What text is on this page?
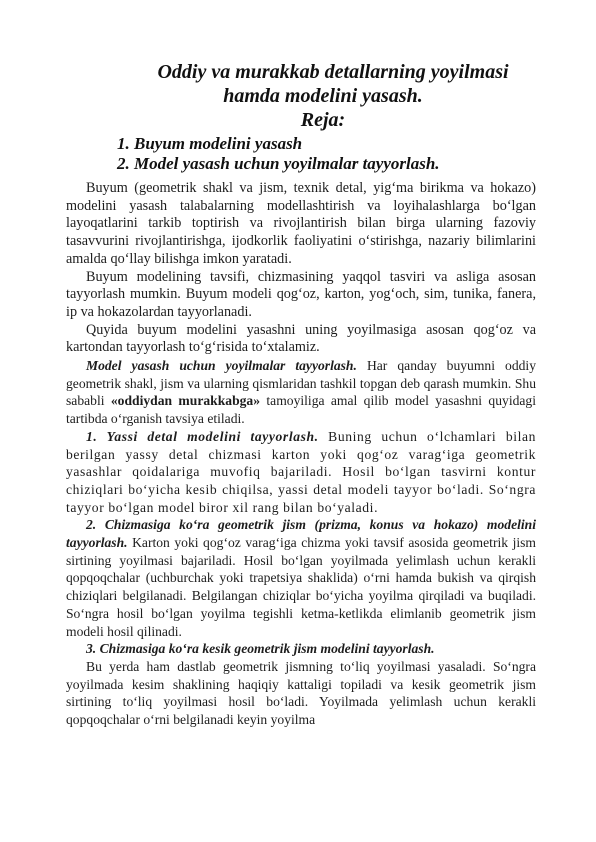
Oddiy va murakkab detallarning yoyilmasi
hamda modelini yasash.
Reja:
1. Buyum modelini yasash
2. Model yasash uchun yoyilmalar tayyorlash.

Buyum (geometrik shakl va jism, texnik detal, yig‘ma birikma va hokazo) modelini yasash talabalarning modellashtirish va loyihalashlarga bo‘lgan layoqatlarini tarkib toptirish va rivojlantirish bilan birga ularning fazoviy tasavvurini rivojlantirishga, ijodkorlik faoliyatini o‘stirishga, nazariy bilimlarini amalda qo‘llay bilishga imkon yaratadi.

Buyum modelining tavsifi, chizmasining yaqqol tasviri va asliga asosan tayyorlash mumkin. Buyum modeli qog‘oz, karton, yog‘och, sim, tunika, fanera, ip va hokazolardan tayyorlanadi.

Quyida buyum modelini yasashni uning yoyilmasiga asosan qog‘oz va kartondan tayyorlash to‘g‘risida to‘xtalamiz.

Model yasash uchun yoyilmalar tayyorlash. Har qanday buyumni oddiy geometrik shakl, jism va ularning qismlaridan tashkil topgan deb qarash mumkin. Shu sababli «oddiydan murakkabga» tamoyiliga amal qilib model yasashni quyidagi tartibda o‘rganish tavsiya etiladi.

1. Yassi detal modelini tayyorlash. Buning uchun o‘lchamlari bilan berilgan yassy detal chizmasi karton yoki qog‘oz varag‘iga geometrik yasashlar qoidalariga muvofiq bajariladi. Hosil bo‘lgan tasvirni kontur chiziqlari bo‘yicha kesib chiqilsa, yassi detal modeli tayyor bo‘ladi. So‘ngra tayyor bo‘lgan model biror xil rang bilan bo‘yaladi.

2. Chizmasiga ko‘ra geometrik jism (prizma, konus va hokazo) modelini tayyorlash. Karton yoki qog‘oz varag‘iga chizma yoki tavsif asosida geometrik jism sirtining yoyilmasi bajariladi. Hosil bo‘lgan yoyilmada yelimlash uchun kerakli qopqoqchalar (uchburchak yoki trapetsiya shaklida) o‘rni hamda bukish va qirqish chiziqlari belgilanadi. Belgilangan chiziqlar bo‘yicha yoyilma qirqiladi va buqiladi. So‘ngra hosil bo‘lgan yoyilma tegishli ketma-ketlikda elimlanib geometrik jism modeli hosil qilinadi.

3. Chizmasiga ko‘ra kesik geometrik jism modelini tayyorlash.

Bu yerda ham dastlab geometrik jismning to‘liq yoyilmasi yasaladi. So‘ngra yoyilmada kesim shaklining haqiqiy kattaligi topiladi va kesik geometrik jism sirtining to‘liq yoyilmasi hosil bo‘ladi. Yoyilmada yelimlash uchun kerakli qopqoqchalar o‘rni belgilanadi keyin yoyilma
